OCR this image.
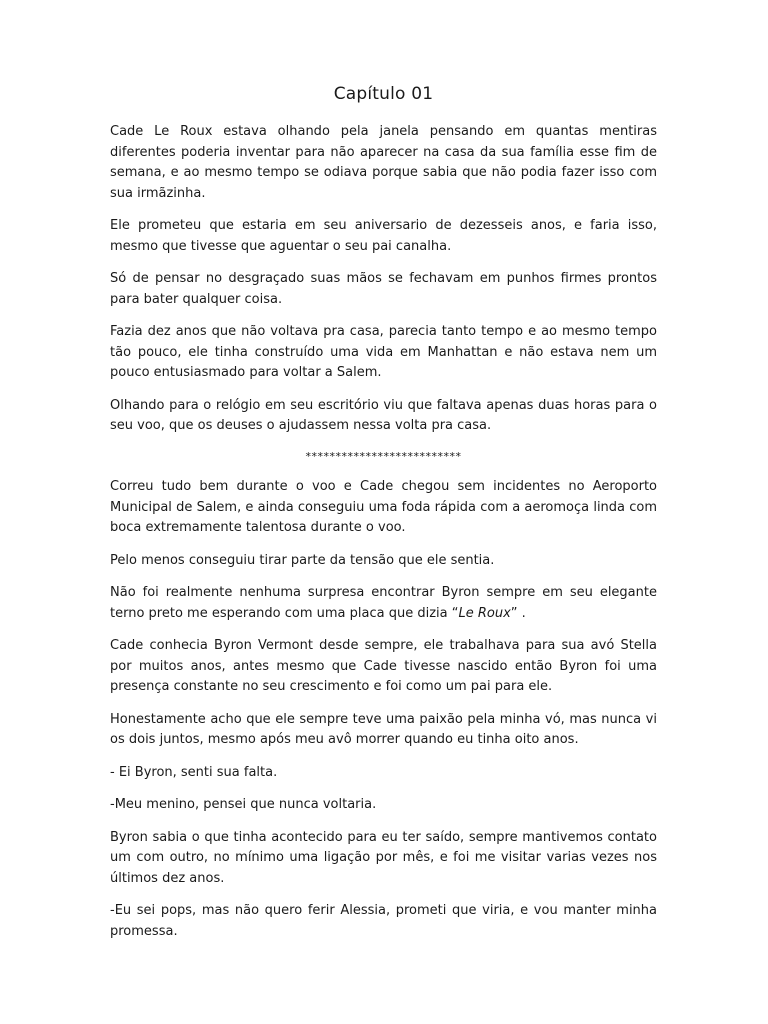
Capítulo 01

Cade Le Roux estava olhando pela janela pensando em quantas mentiras diferentes poderia inventar para não aparecer na casa da sua família esse fim de semana, e ao mesmo tempo se odiava porque sabia que não podia fazer isso com sua irmãzinha.

Ele prometeu que estaria em seu aniversario de dezesseis anos, e faria isso, mesmo que tivesse que aguentar o seu pai canalha.

Só de pensar no desgraçado suas mãos se fechavam em punhos firmes prontos para bater qualquer coisa.

Fazia dez anos que não voltava pra casa, parecia tanto tempo e ao mesmo tempo tão pouco, ele tinha construído uma vida em Manhattan e não estava nem um pouco entusiasmado para voltar a Salem.

Olhando para o relógio em seu escritório viu que faltava apenas duas horas para o seu voo, que os deuses o ajudassem nessa volta pra casa.

**************************

Correu tudo bem durante o voo e Cade chegou sem incidentes no Aeroporto Municipal de Salem, e ainda conseguiu uma foda rápida com a aeromoça linda com boca extremamente talentosa durante o voo.

Pelo menos conseguiu tirar parte da tensão que ele sentia.

Não foi realmente nenhuma surpresa encontrar Byron sempre em seu elegante terno preto me esperando com uma placa que dizia “Le Roux” .

Cade conhecia Byron Vermont desde sempre, ele trabalhava para sua avó Stella por muitos anos, antes mesmo que Cade tivesse nascido então Byron foi uma presença constante no seu crescimento e foi como um pai para ele.

Honestamente acho que ele sempre teve uma paixão pela minha vó, mas nunca vi os dois juntos, mesmo após meu avô morrer quando eu tinha oito anos.

- Ei Byron, senti sua falta.

-Meu menino, pensei que nunca voltaria.

Byron sabia o que tinha acontecido para eu ter saído, sempre mantivemos contato um com outro, no mínimo uma ligação por mês, e foi me visitar varias vezes nos últimos dez anos.

-Eu sei pops, mas não quero ferir Alessia, prometi que viria, e vou manter minha promessa.
